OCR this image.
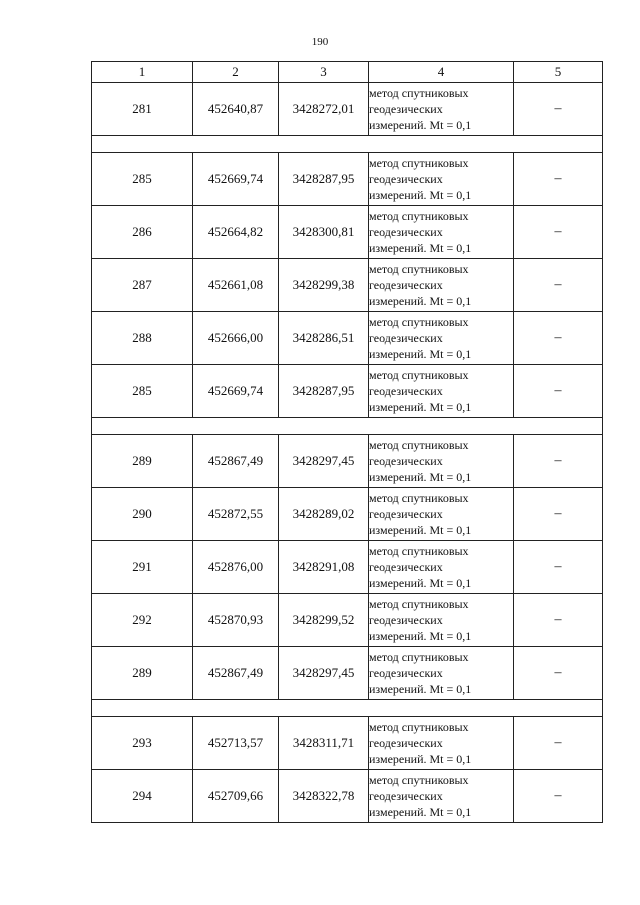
190
1	2	3	4	5
281	452640,87	3428272,01	метод спутниковых
геодезических
измерений. Mt = 0,1	–

285	452669,74	3428287,95	метод спутниковых
геодезических
измерений. Mt = 0,1	–
286	452664,82	3428300,81	метод спутниковых
геодезических
измерений. Mt = 0,1	–
287	452661,08	3428299,38	метод спутниковых
геодезических
измерений. Mt = 0,1	–
288	452666,00	3428286,51	метод спутниковых
геодезических
измерений. Mt = 0,1	–
285	452669,74	3428287,95	метод спутниковых
геодезических
измерений. Mt = 0,1	–

289	452867,49	3428297,45	метод спутниковых
геодезических
измерений. Mt = 0,1	–
290	452872,55	3428289,02	метод спутниковых
геодезических
измерений. Mt = 0,1	–
291	452876,00	3428291,08	метод спутниковых
геодезических
измерений. Mt = 0,1	–
292	452870,93	3428299,52	метод спутниковых
геодезических
измерений. Mt = 0,1	–
289	452867,49	3428297,45	метод спутниковых
геодезических
измерений. Mt = 0,1	–

293	452713,57	3428311,71	метод спутниковых
геодезических
измерений. Mt = 0,1	–
294	452709,66	3428322,78	метод спутниковых
геодезических
измерений. Mt = 0,1	–
